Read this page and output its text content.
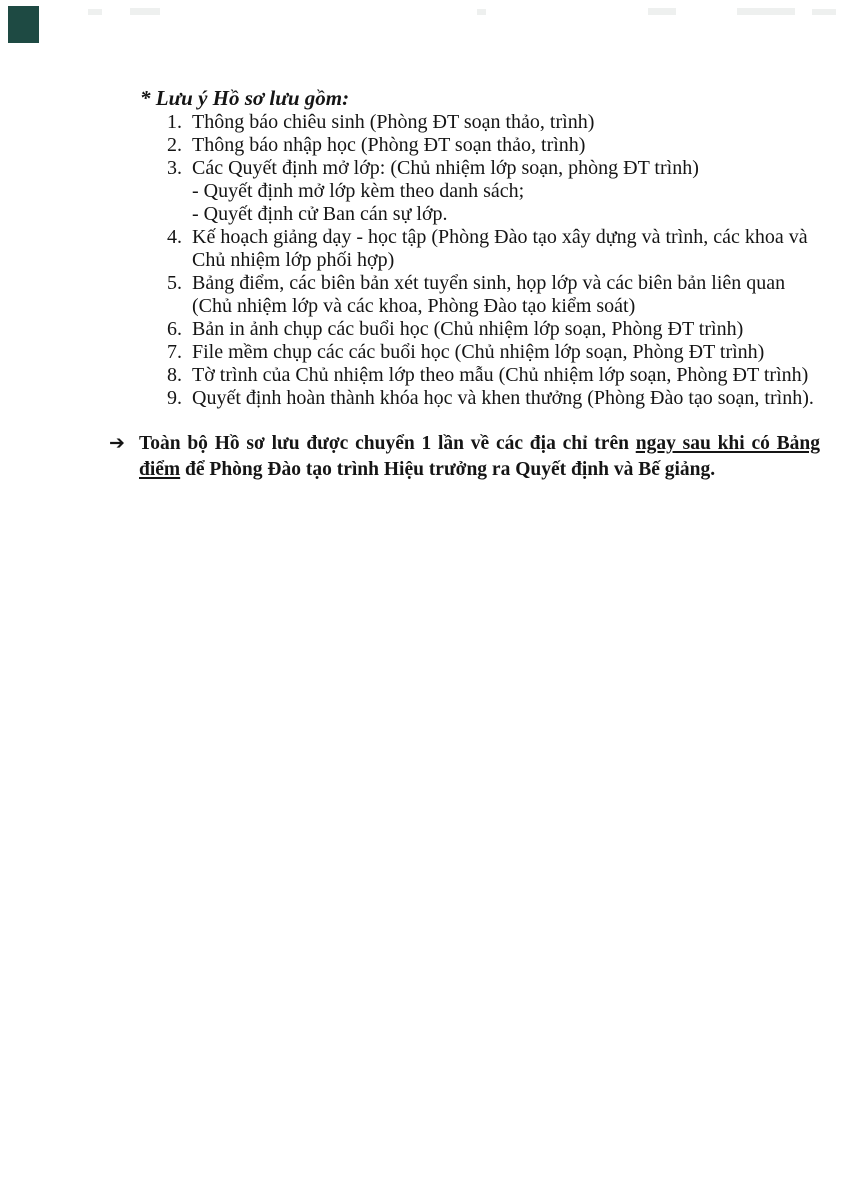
* Lưu ý Hồ sơ lưu gồm:
1. Thông báo chiêu sinh (Phòng ĐT soạn thảo, trình)
2. Thông báo nhập học (Phòng ĐT soạn thảo, trình)
3. Các Quyết định mở lớp: (Chủ nhiệm lớp soạn, phòng ĐT trình)
- Quyết định mở lớp kèm theo danh sách;
- Quyết định cử Ban cán sự lớp.
4. Kế hoạch giảng dạy - học tập (Phòng Đào tạo xây dựng và trình, các khoa và Chủ nhiệm lớp phối hợp)
5. Bảng điểm, các biên bản xét tuyển sinh, họp lớp và các biên bản liên quan (Chủ nhiệm lớp và các khoa, Phòng Đào tạo kiểm soát)
6. Bản in ảnh chụp các buổi học (Chủ nhiệm lớp soạn, Phòng ĐT trình)
7. File mềm chụp các các buổi học (Chủ nhiệm lớp soạn, Phòng ĐT trình)
8. Tờ trình của Chủ nhiệm lớp theo mẫu (Chủ nhiệm lớp soạn, Phòng ĐT trình)
9. Quyết định hoàn thành khóa học và khen thưởng (Phòng Đào tạo soạn, trình).
➔ Toàn bộ Hồ sơ lưu được chuyển 1 lần về các địa chỉ trên ngay sau khi có Bảng điểm để Phòng Đào tạo trình Hiệu trưởng ra Quyết định và Bế giảng.
